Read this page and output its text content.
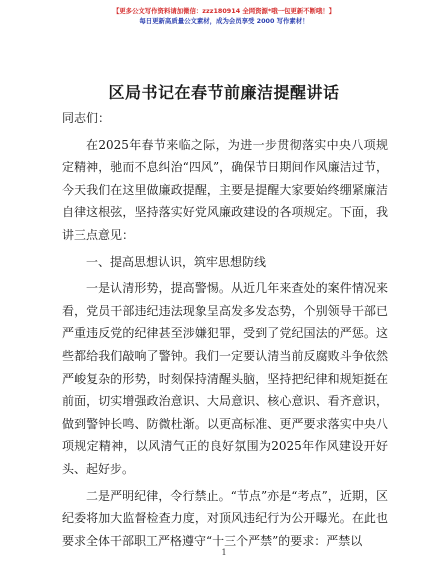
【更多公文写作资料请加微信：zzz180914 全网资源*哦一包更新不断哦！】
每日更新高质量公文素材，成为会员享受 2000 写作素材！
区局书记在春节前廉洁提醒讲话

同志们：

在2025年春节来临之际，为进一步贯彻落实中央八项规定精神，驰而不息纠治“四风”，确保节日期间作风廉洁过节，今天我们在这里做廉政提醒，主要是提醒大家要始终绷紧廉洁自律这根弦，坚持落实好党风廉政建设的各项规定。下面，我讲三点意见：

一、提高思想认识，筑牢思想防线

一是认清形势，提高警惕。从近几年来查处的案件情况来看，党员干部违纪违法现象呈高发多发态势，个别领导干部已严重违反党的纪律甚至涉嫌犯罪，受到了党纪国法的严惩。这些都给我们敲响了警钟。我们一定要认清当前反腐败斗争依然严峻复杂的形势，时刻保持清醒头脑，坚持把纪律和规矩挺在前面，切实增强政治意识、大局意识、核心意识、看齐意识，做到警钟长鸣、防微杜渐。以更高标准、更严要求落实中央八项规定精神，以风清气正的良好氛围为2025年作风建设开好头、起好步。

二是严明纪律，令行禁止。“节点”亦是“考点”，近期，区纪委将加大监督检查力度，对顶风违纪行为公开曝光。在此也要求全体干部职工严格遵守“十三个严禁”的要求：严禁以

1
